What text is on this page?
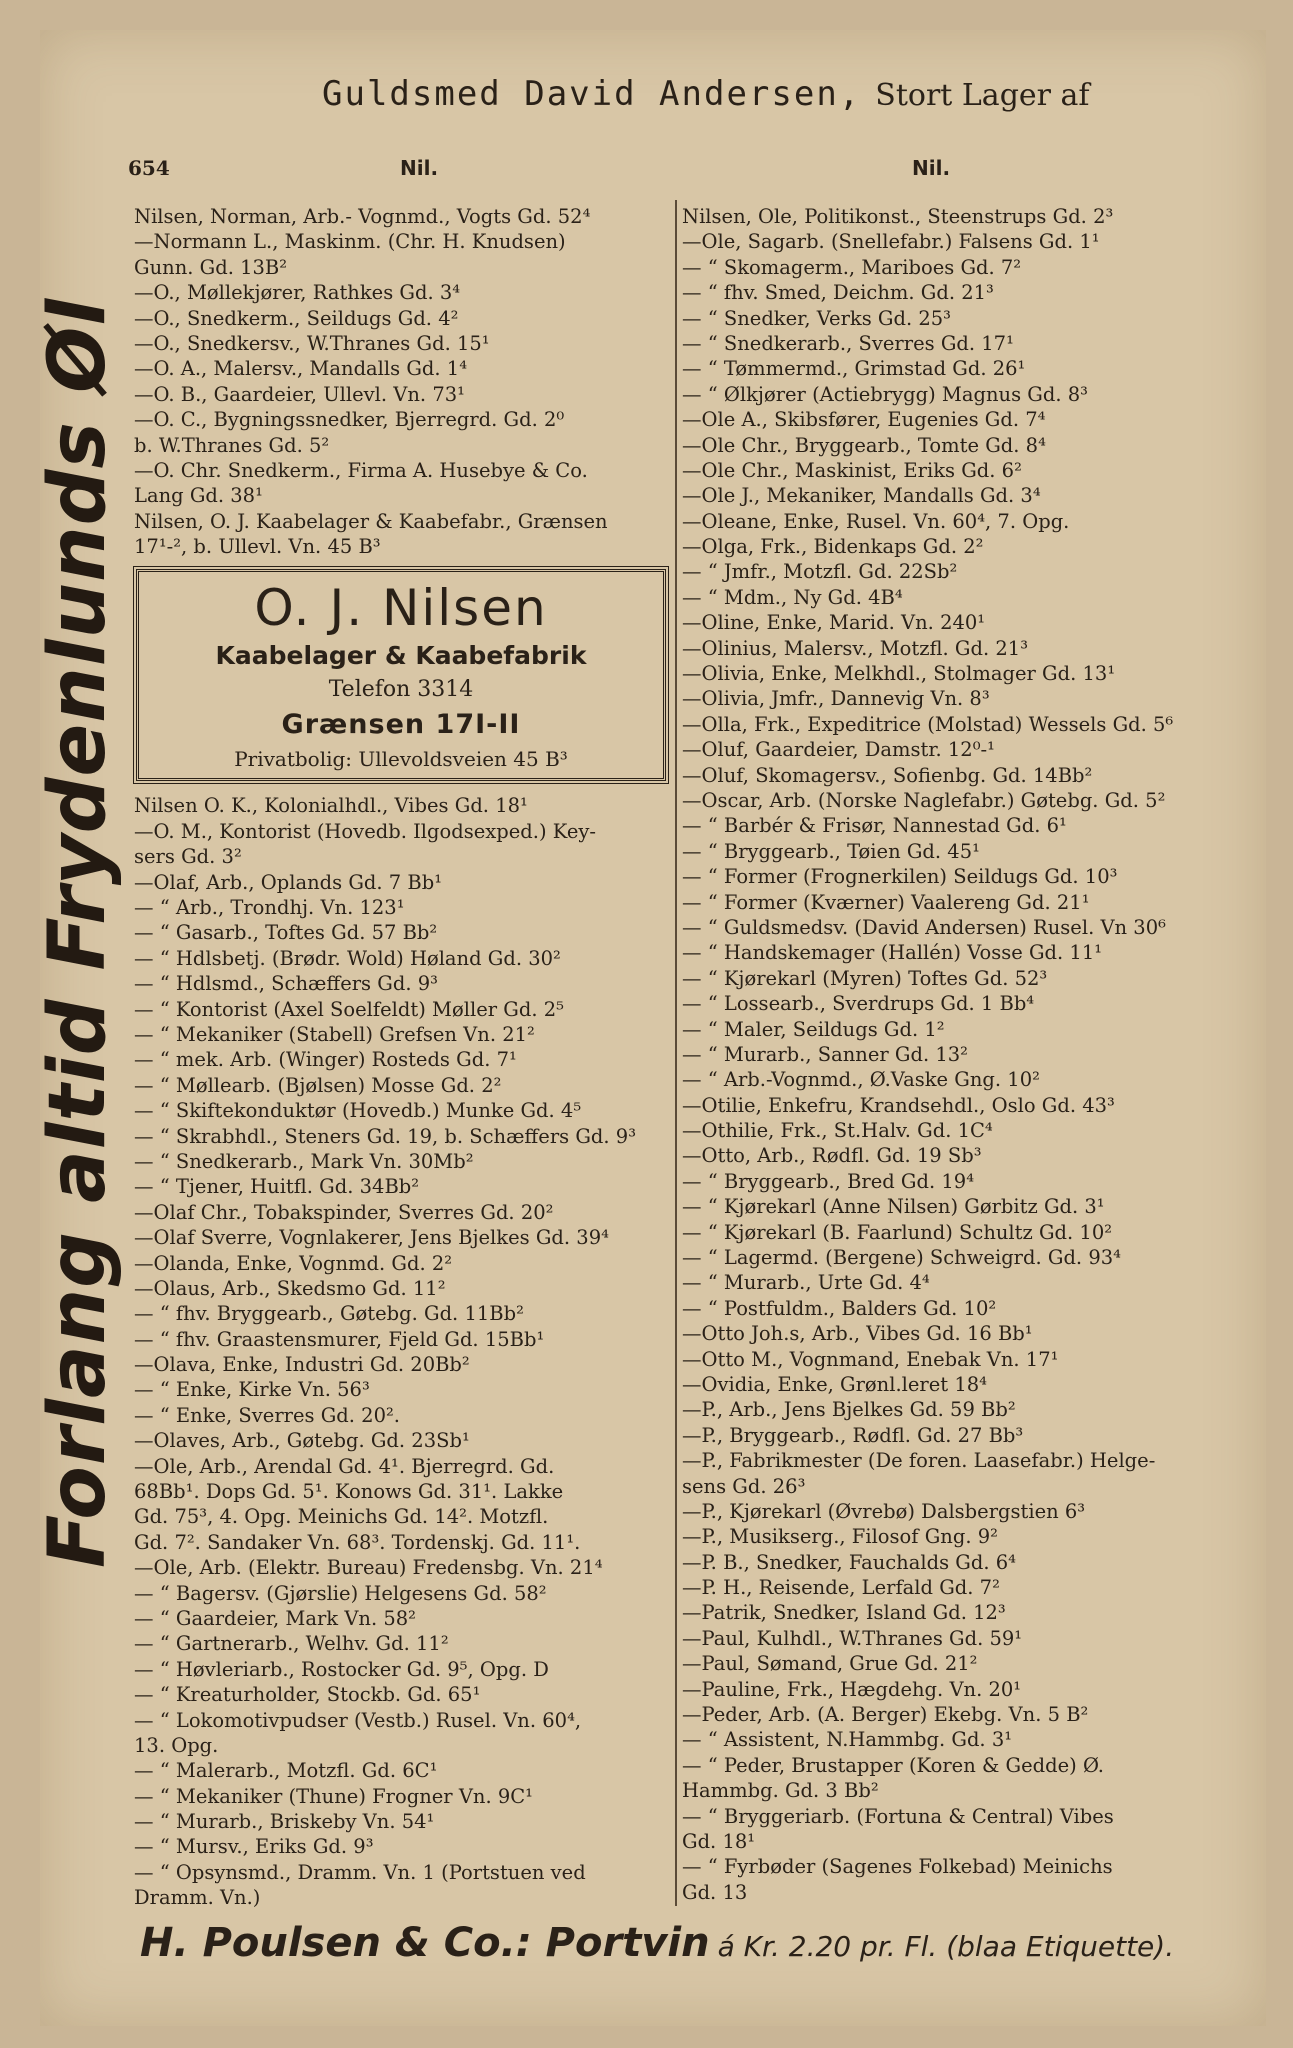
Guldsmed David Andersen, Stort Lager af
654	Nil.	Nil.
Forlang altid Frydenlunds Øl
Nilsen, Norman, Arb.- Vognmd., Vogts Gd. 52⁴
—Normann L., Maskinm. (Chr. H. Knudsen)
Gunn. Gd. 13B²
—O., Møllekjører, Rathkes Gd. 3⁴
—O., Snedkerm., Seildugs Gd. 4²
—O., Snedkersv., W.Thranes Gd. 15¹
—O. A., Malersv., Mandalls Gd. 1⁴
—O. B., Gaardeier, Ullevl. Vn. 73¹
—O. C., Bygningssnedker, Bjerregrd. Gd. 2⁰
b. W.Thranes Gd. 5²
—O. Chr. Snedkerm., Firma A. Husebye & Co.
Lang Gd. 38¹
Nilsen, O. J. Kaabelager & Kaabefabr., Grænsen
17¹-², b. Ullevl. Vn. 45 B³
O. J. Nilsen
Kaabelager & Kaabefabrik
Telefon 3314
Grænsen 17I-II
Privatbolig: Ullevoldsveien 45 B³
Nilsen O. K., Kolonialhdl., Vibes Gd. 18¹
—O. M., Kontorist (Hovedb. Ilgodsexped.) Key-
sers Gd. 3²
—Olaf, Arb., Oplands Gd. 7 Bb¹
— “ Arb., Trondhj. Vn. 123¹
— “ Gasarb., Toftes Gd. 57 Bb²
— “ Hdlsbetj. (Brødr. Wold) Høland Gd. 30²
— “ Hdlsmd., Schæffers Gd. 9³
— “ Kontorist (Axel Soelfeldt) Møller Gd. 2⁵
— “ Mekaniker (Stabell) Grefsen Vn. 21²
— “ mek. Arb. (Winger) Rosteds Gd. 7¹
— “ Møllearb. (Bjølsen) Mosse Gd. 2²
— “ Skiftekonduktør (Hovedb.) Munke Gd. 4⁵
— “ Skrabhdl., Steners Gd. 19, b. Schæffers Gd. 9³
— “ Snedkerarb., Mark Vn. 30Mb²
— “ Tjener, Huitfl. Gd. 34Bb²
—Olaf Chr., Tobakspinder, Sverres Gd. 20²
—Olaf Sverre, Vognlakerer, Jens Bjelkes Gd. 39⁴
—Olanda, Enke, Vognmd. Gd. 2²
—Olaus, Arb., Skedsmo Gd. 11²
— “ fhv. Bryggearb., Gøtebg. Gd. 11Bb²
— “ fhv. Graastensmurer, Fjeld Gd. 15Bb¹
—Olava, Enke, Industri Gd. 20Bb²
— “ Enke, Kirke Vn. 56³
— “ Enke, Sverres Gd. 20².
—Olaves, Arb., Gøtebg. Gd. 23Sb¹
—Ole, Arb., Arendal Gd. 4¹. Bjerregrd. Gd.
68Bb¹. Dops Gd. 5¹. Konows Gd. 31¹. Lakke
Gd. 75³, 4. Opg. Meinichs Gd. 14². Motzfl.
Gd. 7². Sandaker Vn. 68³. Tordenskj. Gd. 11¹.
—Ole, Arb. (Elektr. Bureau) Fredensbg. Vn. 21⁴
— “ Bagersv. (Gjørslie) Helgesens Gd. 58²
— “ Gaardeier, Mark Vn. 58²
— “ Gartnerarb., Welhv. Gd. 11²
— “ Høvleriarb., Rostocker Gd. 9⁵, Opg. D
— “ Kreaturholder, Stockb. Gd. 65¹
— “ Lokomotivpudser (Vestb.) Rusel. Vn. 60⁴,
13. Opg.
— “ Malerarb., Motzfl. Gd. 6C¹
— “ Mekaniker (Thune) Frogner Vn. 9C¹
— “ Murarb., Briskeby Vn. 54¹
— “ Mursv., Eriks Gd. 9³
— “ Opsynsmd., Dramm. Vn. 1 (Portstuen ved
Dramm. Vn.)
Nilsen, Ole, Politikonst., Steenstrups Gd. 2³
—Ole, Sagarb. (Snellefabr.) Falsens Gd. 1¹
— “ Skomagerm., Mariboes Gd. 7²
— “ fhv. Smed, Deichm. Gd. 21³
— “ Snedker, Verks Gd. 25³
— “ Snedkerarb., Sverres Gd. 17¹
— “ Tømmermd., Grimstad Gd. 26¹
— “ Ølkjører (Actiebrygg) Magnus Gd. 8³
—Ole A., Skibsfører, Eugenies Gd. 7⁴
—Ole Chr., Bryggearb., Tomte Gd. 8⁴
—Ole Chr., Maskinist, Eriks Gd. 6²
—Ole J., Mekaniker, Mandalls Gd. 3⁴
—Oleane, Enke, Rusel. Vn. 60⁴, 7. Opg.
—Olga, Frk., Bidenkaps Gd. 2²
— “ Jmfr., Motzfl. Gd. 22Sb²
— “ Mdm., Ny Gd. 4B⁴
—Oline, Enke, Marid. Vn. 240¹
—Olinius, Malersv., Motzfl. Gd. 21³
—Olivia, Enke, Melkhdl., Stolmager Gd. 13¹
—Olivia, Jmfr., Dannevig Vn. 8³
—Olla, Frk., Expeditrice (Molstad) Wessels Gd. 5⁶
—Oluf, Gaardeier, Damstr. 12⁰-¹
—Oluf, Skomagersv., Sofienbg. Gd. 14Bb²
—Oscar, Arb. (Norske Naglefabr.) Gøtebg. Gd. 5²
— “ Barbér & Frisør, Nannestad Gd. 6¹
— “ Bryggearb., Tøien Gd. 45¹
— “ Former (Frognerkilen) Seildugs Gd. 10³
— “ Former (Kværner) Vaalereng Gd. 21¹
— “ Guldsmedsv. (David Andersen) Rusel. Vn 30⁶
— “ Handskemager (Hallén) Vosse Gd. 11¹
— “ Kjørekarl (Myren) Toftes Gd. 52³
— “ Lossearb., Sverdrups Gd. 1 Bb⁴
— “ Maler, Seildugs Gd. 1²
— “ Murarb., Sanner Gd. 13²
— “ Arb.-Vognmd., Ø.Vaske Gng. 10²
—Otilie, Enkefru, Krandsehdl., Oslo Gd. 43³
—Othilie, Frk., St.Halv. Gd. 1C⁴
—Otto, Arb., Rødfl. Gd. 19 Sb³
— “ Bryggearb., Bred Gd. 19⁴
— “ Kjørekarl (Anne Nilsen) Gørbitz Gd. 3¹
— “ Kjørekarl (B. Faarlund) Schultz Gd. 10²
— “ Lagermd. (Bergene) Schweigrd. Gd. 93⁴
— “ Murarb., Urte Gd. 4⁴
— “ Postfuldm., Balders Gd. 10²
—Otto Joh.s, Arb., Vibes Gd. 16 Bb¹
—Otto M., Vognmand, Enebak Vn. 17¹
—Ovidia, Enke, Grønl.leret 18⁴
—P., Arb., Jens Bjelkes Gd. 59 Bb²
—P., Bryggearb., Rødfl. Gd. 27 Bb³
—P., Fabrikmester (De foren. Laasefabr.) Helge-
sens Gd. 26³
—P., Kjørekarl (Øvrebø) Dalsbergstien 6³
—P., Musikserg., Filosof Gng. 9²
—P. B., Snedker, Fauchalds Gd. 6⁴
—P. H., Reisende, Lerfald Gd. 7²
—Patrik, Snedker, Island Gd. 12³
—Paul, Kulhdl., W.Thranes Gd. 59¹
—Paul, Sømand, Grue Gd. 21²
—Pauline, Frk., Hægdehg. Vn. 20¹
—Peder, Arb. (A. Berger) Ekebg. Vn. 5 B²
— “ Assistent, N.Hammbg. Gd. 3¹
— “ Peder, Brustapper (Koren & Gedde) Ø.
Hammbg. Gd. 3 Bb²
— “ Bryggeriarb. (Fortuna & Central) Vibes
Gd. 18¹
— “ Fyrbøder (Sagenes Folkebad) Meinichs
Gd. 13
H. Poulsen & Co.: Portvin á Kr. 2.20 pr. Fl. (blaa Etiquette).
